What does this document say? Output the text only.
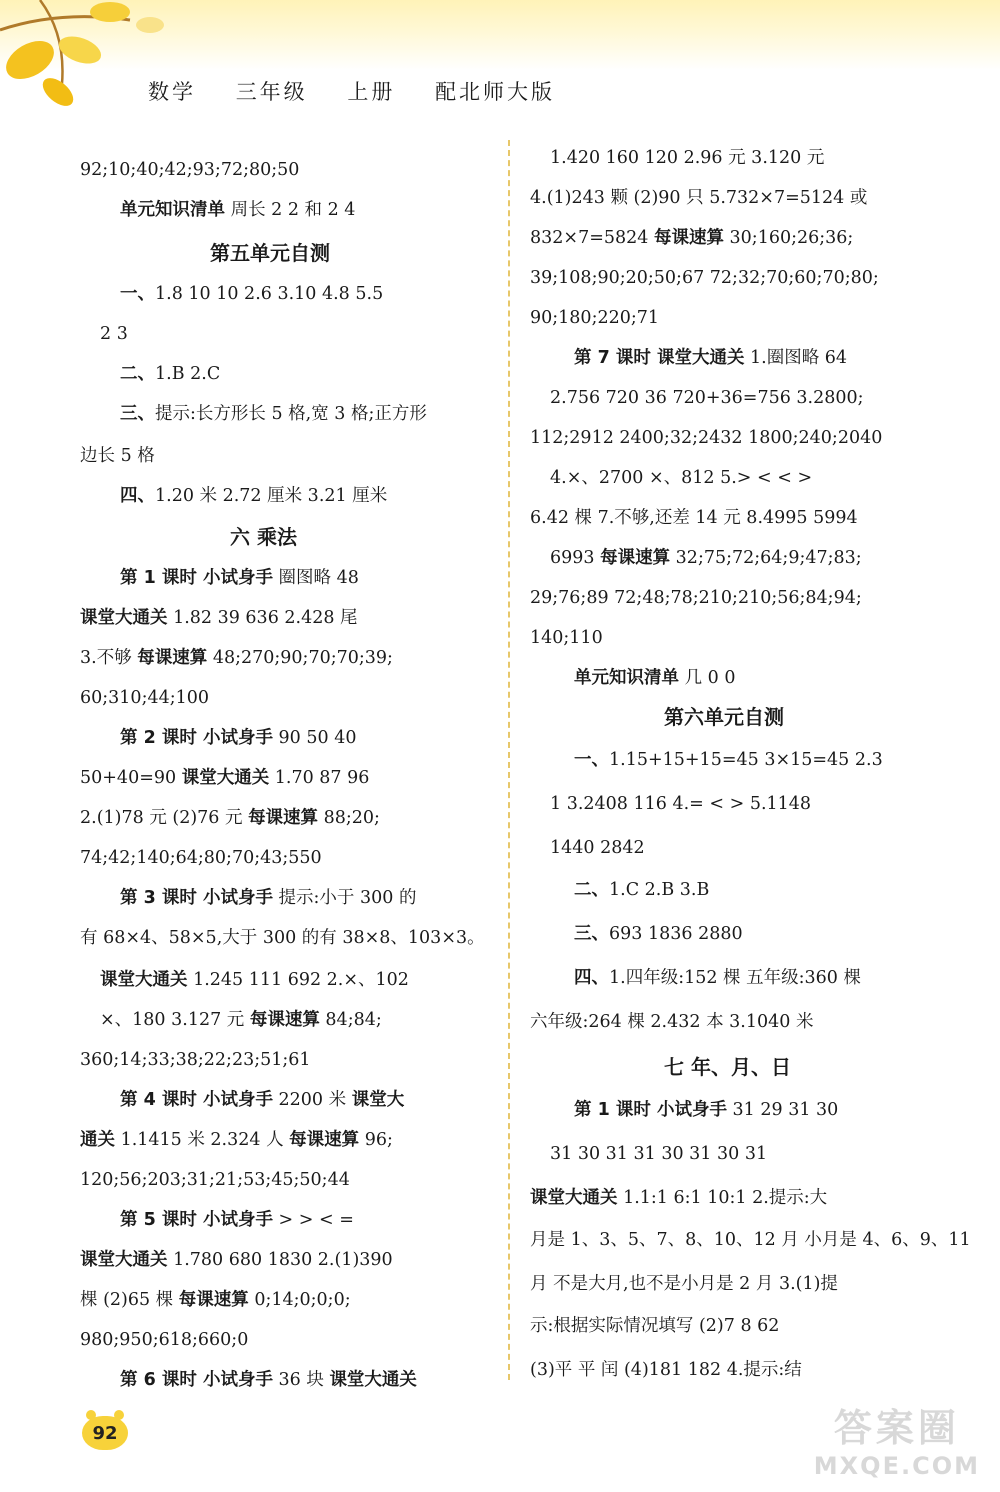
数学 三年级 上册 配北师大版
92;10;40;42;93;72;80;50
单元知识清单 周长 2 2 和 2 4
第五单元自测
一、1.8 10 10 2.6 3.10 4.8 5.5
2 3
二、1.B 2.C
三、提示:长方形长 5 格,宽 3 格;正方形
边长 5 格
四、1.20 米 2.72 厘米 3.21 厘米
六 乘法
第 1 课时 小试身手 圈图略 48
课堂大通关 1.82 39 636 2.428 尾
3.不够 每课速算 48;270;90;70;70;39;
60;310;44;100
第 2 课时 小试身手 90 50 40
50+40=90 课堂大通关 1.70 87 96
2.(1)78 元 (2)76 元 每课速算 88;20;
74;42;140;64;80;70;43;550
第 3 课时 小试身手 提示:小于 300 的
有 68×4、58×5,大于 300 的有 38×8、103×3。
课堂大通关 1.245 111 692 2.×、102
×、180 3.127 元 每课速算 84;84;
360;14;33;38;22;23;51;61
第 4 课时 小试身手 2200 米 课堂大
通关 1.1415 米 2.324 人 每课速算 96;
120;56;203;31;21;53;45;50;44
第 5 课时 小试身手 > > < =
课堂大通关 1.780 680 1830 2.(1)390
棵 (2)65 棵 每课速算 0;14;0;0;0;
980;950;618;660;0
第 6 课时 小试身手 36 块 课堂大通关
1.420 160 120 2.96 元 3.120 元
4.(1)243 颗 (2)90 只 5.732×7=5124 或
832×7=5824 每课速算 30;160;26;36;
39;108;90;20;50;67 72;32;70;60;70;80;
90;180;220;71
第 7 课时 课堂大通关 1.圈图略 64
2.756 720 36 720+36=756 3.2800;
112;2912 2400;32;2432 1800;240;2040
4.×、2700 ×、812 5.> < < >
6.42 棵 7.不够,还差 14 元 8.4995 5994
6993 每课速算 32;75;72;64;9;47;83;
29;76;89 72;48;78;210;210;56;84;94;
140;110
单元知识清单 几 0 0
第六单元自测
一、1.15+15+15=45 3×15=45 2.3
1 3.2408 116 4.= < > 5.1148
1440 2842
二、1.C 2.B 3.B
三、693 1836 2880
四、1.四年级:152 棵 五年级:360 棵
六年级:264 棵 2.432 本 3.1040 米
七 年、月、日
第 1 课时 小试身手 31 29 31 30
31 30 31 31 30 31 30 31
课堂大通关 1.1:1 6:1 10:1 2.提示:大
月是 1、3、5、7、8、10、12 月 小月是 4、6、9、11
月 不是大月,也不是小月是 2 月 3.(1)提
示:根据实际情况填写 (2)7 8 62
(3)平 平 闰 (4)181 182 4.提示:结
92	答案圈
MXQE.COM
